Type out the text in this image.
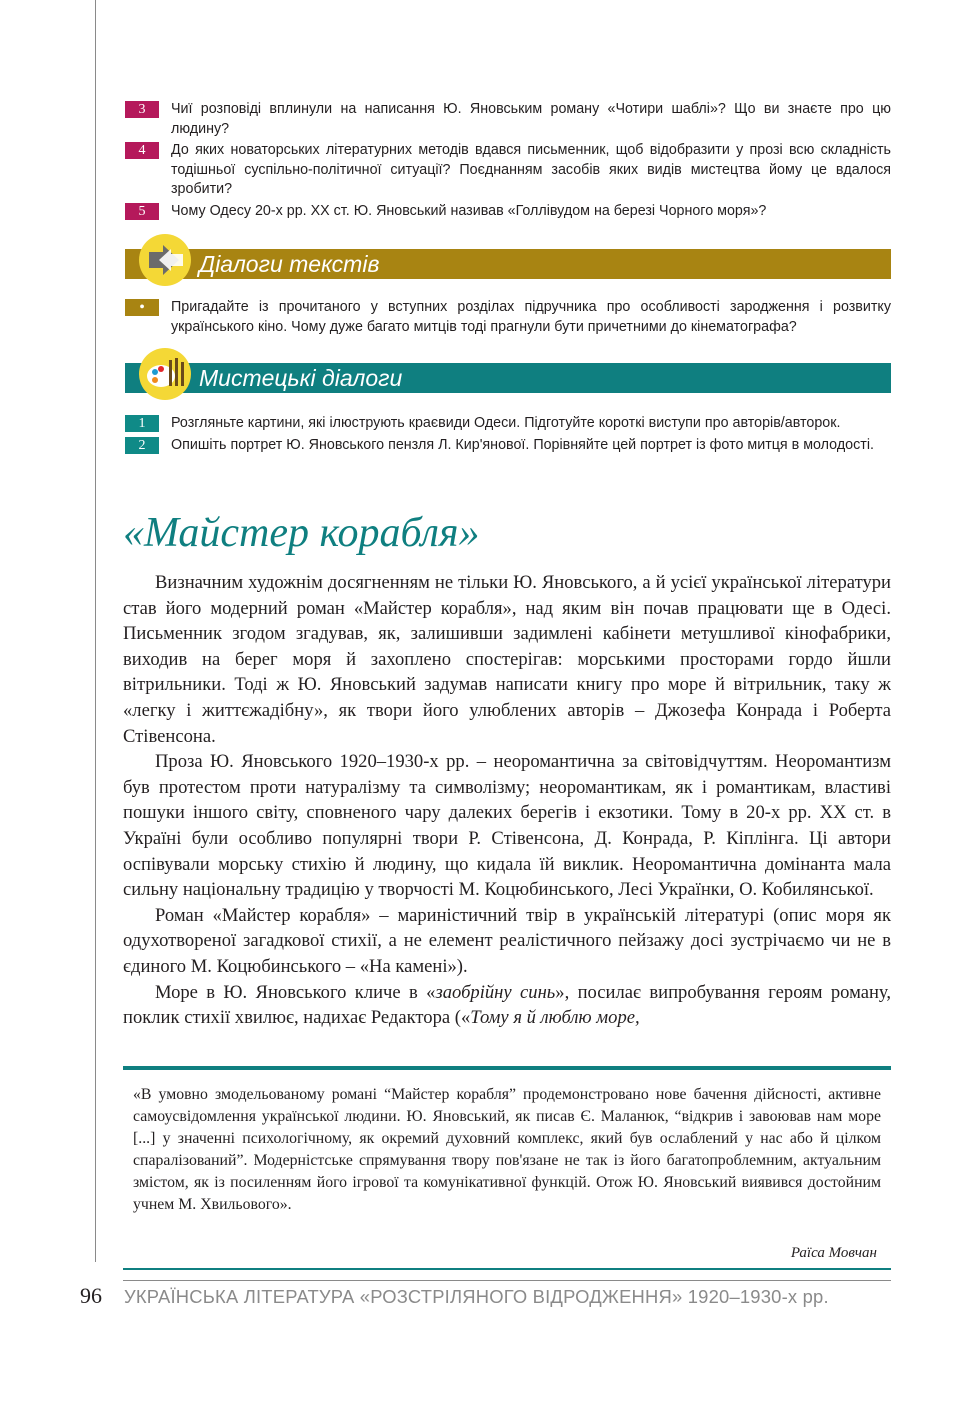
3	Чиї розповіді вплинули на написання Ю. Яновським роману «Чотири шаблі»? Що ви знаєте про цю людину?
4	До яких новаторських літературних методів вдався письменник, щоб відобразити у прозі всю складність тодішньої суспільно-політичної ситуації? Поєднанням засобів яких видів мистецтва йому це вдалося зробити?
5	Чому Одесу 20-х рр. ХХ ст. Ю. Яновський називав «Голлівудом на березі Чорного моря»?
Діалоги текстів
•	Пригадайте із прочитаного у вступних розділах підручника про особливості зародження і розвитку українського кіно. Чому дуже багато митців тоді прагнули бути причетними до кінематографа?
Мистецькі діалоги
1	Розгляньте картини, які ілюструють краєвиди Одеси. Підготуйте короткі виступи про авторів/авторок.
2	Опишіть портрет Ю. Яновського пензля Л. Кир'янової. Порівняйте цей портрет із фото митця в молодості.
«Майстер корабля»

Визначним художнім досягненням не тільки Ю. Яновського, а й усієї української літератури став його модерний роман «Майстер корабля», над яким він почав працювати ще в Одесі. Письменник згодом згадував, як, залишивши задимлені кабінети метушливої кінофабрики, виходив на берег моря й захоплено спостерігав: морськими просторами гордо йшли вітрильники. Тоді ж Ю. Яновський задумав написати книгу про море й вітрильник, таку ж «легку і життєжадібну», як твори його улюблених авторів – Джозефа Конрада і Роберта Стівенсона.

Проза Ю. Яновського 1920–1930-х рр. – неоромантична за світовідчуттям. Неоромантизм був протестом проти натуралізму та символізму; неоромантикам, як і романтикам, властиві пошуки іншого світу, сповненого чару далеких берегів і екзотики. Тому в 20-х рр. ХХ ст. в Україні були особливо популярні твори Р. Стівенсона, Д. Конрада, Р. Кіплінга. Ці автори оспівували морську стихію й людину, що кидала їй виклик. Неоромантична домінанта мала сильну національну традицію у творчості М. Коцюбинського, Лесі Українки, О. Кобилянської.

Роман «Майстер корабля» – мариністичний твір в українській літературі (опис моря як одухотвореної загадкової стихії, а не елемент реалістичного пейзажу досі зустрічаємо чи не в єдиного М. Коцюбинського – «На камені»).

Море в Ю. Яновського кличе в «заобрійну синь», посилає випробування героям роману, поклик стихії хвилює, надихає Редактора («Тому я й люблю море,

«В умовно змодельованому романі “Майстер корабля” продемонстровано нове бачення дійсності, активне самоусвідомлення української людини. Ю. Яновський, як писав Є. Маланюк, “відкрив і завоював нам море [...] у значенні психологічному, як окремий духовний комплекс, який був ослаблений у нас або й цілком спаралізований”. Модерністське спрямування твору пов'язане не так із його багатопроблемним, актуальним змістом, як із посиленням його ігрової та комунікативної функцій. Отож Ю. Яновський виявився достойним учнем М. Хвильового».
Раїса Мовчан
96 УКРАЇНСЬКА ЛІТЕРАТУРА «РОЗСТРІЛЯНОГО ВІДРОДЖЕННЯ» 1920–1930-х рр.
